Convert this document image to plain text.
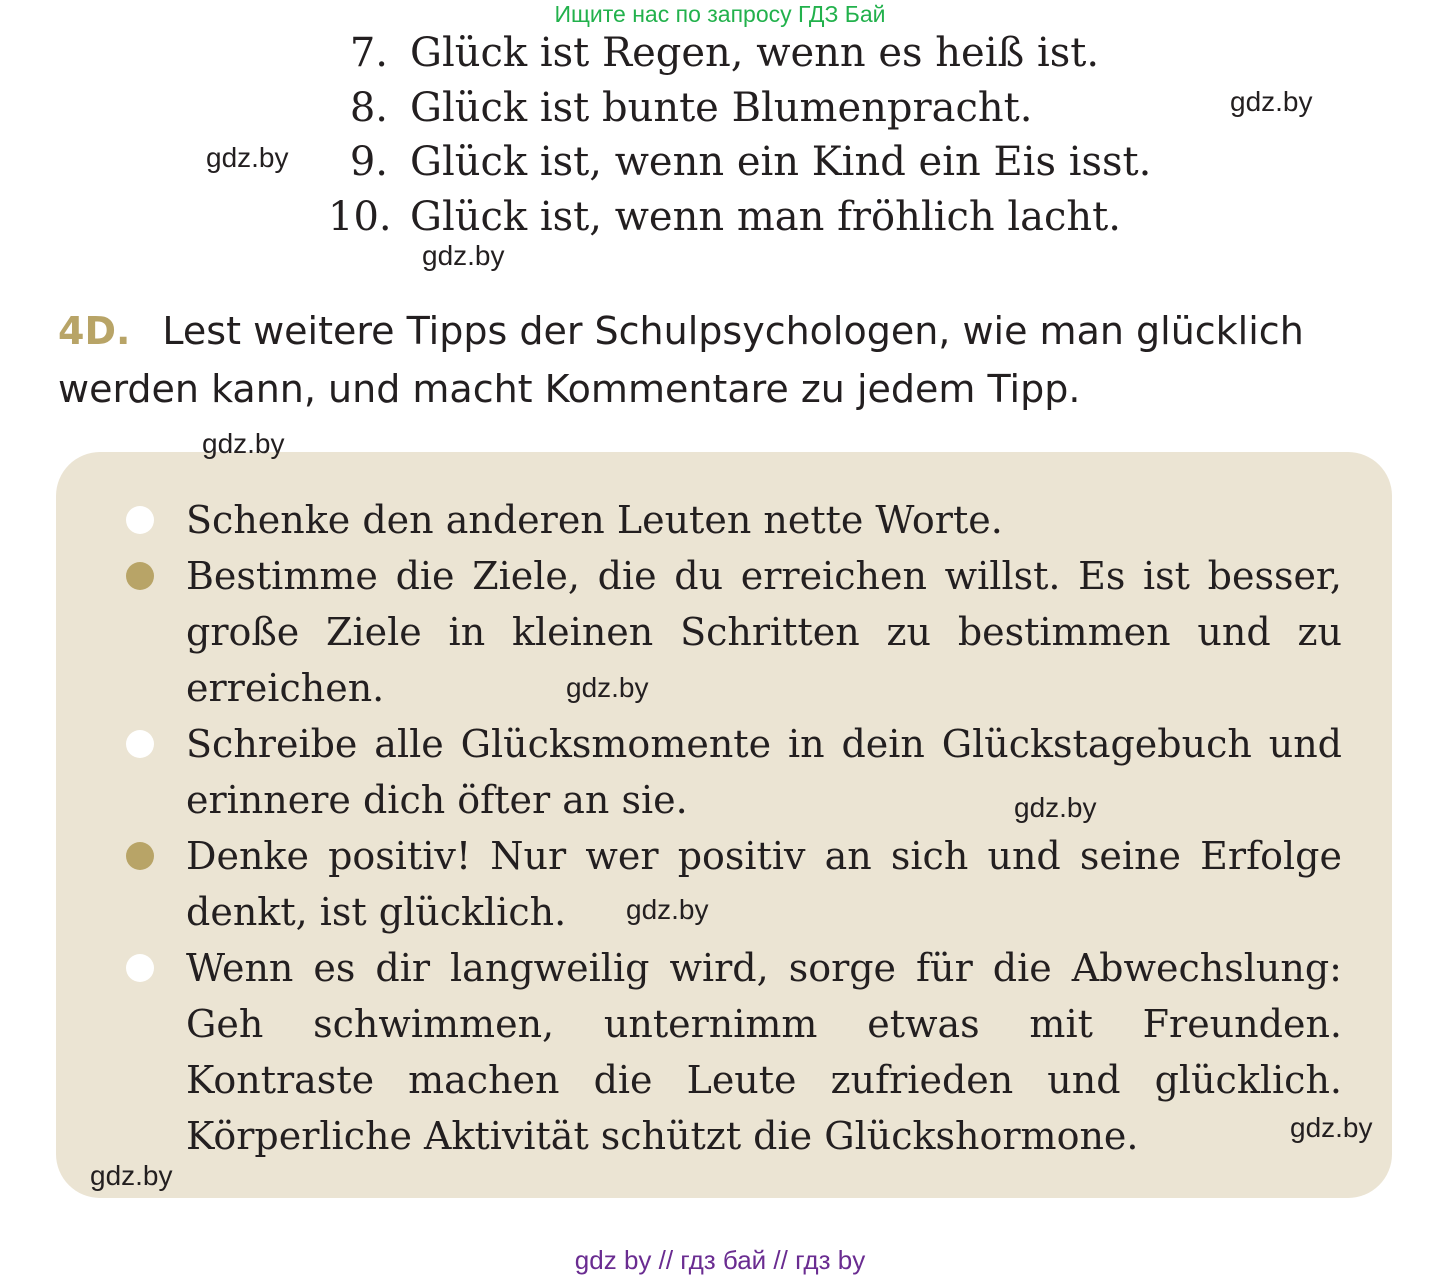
Ищите нас по запросу ГДЗ Бай
7. Glück ist Regen, wenn es heiß ist.
8. Glück ist bunte Blumenpracht.
9. Glück ist, wenn ein Kind ein Eis isst.
10. Glück ist, wenn man fröhlich lacht.
4D. Lest weitere Tipps der Schulpsychologen, wie man glücklich werden kann, und macht Kommentare zu jedem Tipp.
Schenke den anderen Leuten nette Worte.
Bestimme die Ziele, die du erreichen willst. Es ist besser, große Ziele in kleinen Schritten zu bestimmen und zu erreichen.
Schreibe alle Glücksmomente in dein Glückstagebuch und erinnere dich öfter an sie.
Denke positiv! Nur wer positiv an sich und seine Erfolge denkt, ist glücklich.
Wenn es dir langweilig wird, sorge für die Abwechslung: Geh schwimmen, unternimm etwas mit Freunden. Kontraste machen die Leute zufrieden und glücklich. Körperliche Aktivität schützt die Glückshormone.
gdz.by
gdz.by
gdz.by
gdz.by
gdz.by
gdz.by
gdz.by
gdz.by
gdz.by
gdz by // гдз бай // гдз by
